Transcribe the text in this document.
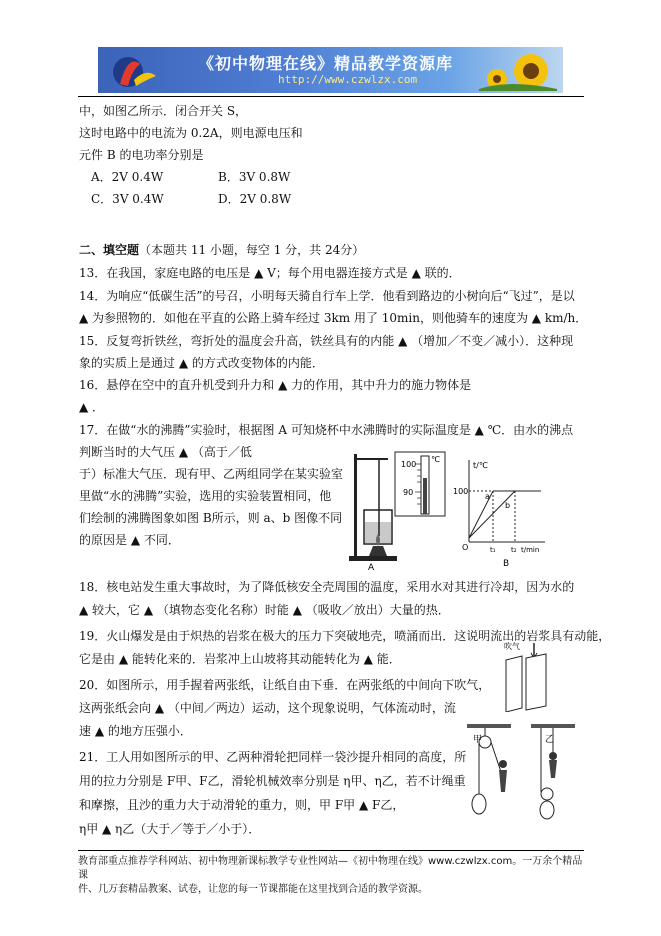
《初中物理在线》精品教学资源库
http://www.czwlzx.com
中，如图乙所示．闭合开关 S，
这时电路中的电流为 0.2A，则电源电压和
元件 B 的电功率分别是
A．2V 0.4W	B．3V 0.8W
C．3V 0.4W	D．2V 0.8W
二、填空题（本题共 11 小题，每空 1 分，共 24分）
13．在我国，家庭电路的电压是 ▲ V；每个用电器连接方式是 ▲ 联的．
14．为响应“低碳生活”的号召，小明每天骑自行车上学．他看到路边的小树向后“飞过”，是以
▲ 为参照物的．如他在平直的公路上骑车经过 3km 用了 10min，则他骑车的速度为 ▲ km/h．
15．反复弯折铁丝，弯折处的温度会升高，铁丝具有的内能 ▲ （增加／不变／减小）．这种现
象的实质上是通过 ▲ 的方式改变物体的内能．
16．悬停在空中的直升机受到升力和 ▲ 力的作用，其中升力的施力物体是
▲ ．
17．在做“水的沸腾”实验时，根据图 A 可知烧杯中水沸腾时的实际温度是 ▲ ℃．由水的沸点
判断当时的大气压 ▲ （高于／低
于）标准大气压．现有甲、乙两组同学在某实验室
里做“水的沸腾”实验，选用的实验装置相同，他
们绘制的沸腾图象如图 B所示，则 a、b 图像不同
的原因是 ▲ 不同．
A
100
90
℃
t/℃
100
a
b
O	t₁ t₂ t/min
B
18．核电站发生重大事故时，为了降低核安全壳周围的温度，采用水对其进行冷却，因为水的
▲ 较大，它 ▲ （填物态变化名称）时能 ▲ （吸收／放出）大量的热．
19．火山爆发是由于炽热的岩浆在极大的压力下突破地壳，喷涌而出．这说明流出的岩浆具有动能，
它是由 ▲ 能转化来的．岩浆冲上山坡将其动能转化为 ▲ 能．
吹气
20．如图所示，用手握着两张纸，让纸自由下垂．在两张纸的中间向下吹气，
这两张纸会向 ▲ （中间／两边）运动，这个现象说明，气体流动时，流
速 ▲ 的地方压强小．
甲	乙
21．工人用如图所示的甲、乙两种滑轮把同样一袋沙提升相同的高度，所
用的拉力分别是 F甲、F乙，滑轮机械效率分别是 η甲、η乙，若不计绳重
和摩擦，且沙的重力大于动滑轮的重力，则，甲 F甲 ▲ F乙，
η甲 ▲ η乙（大于／等于／小于）．
教育部重点推荐学科网站、初中物理新课标教学专业性网站—《初中物理在线》www.czwlzx.com。一万余个精品课
件、几万套精品教案、试卷，让您的每一节课都能在这里找到合适的教学资源。
